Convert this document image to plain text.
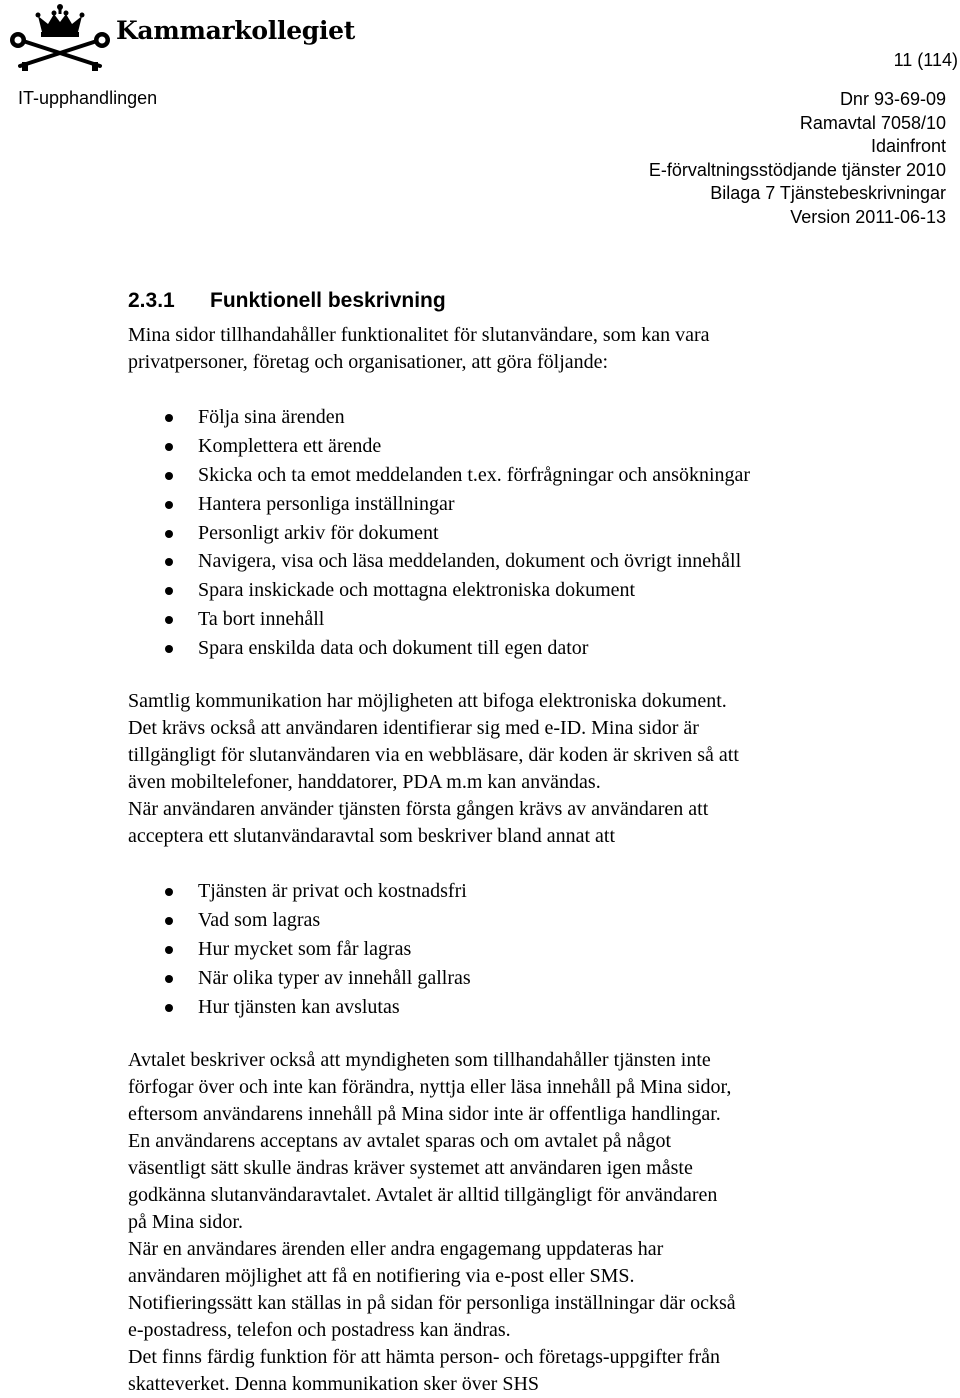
Kammarkollegiet
11 (114)
IT-upphandlingen	Dnr 93-69-09
Ramavtal 7058/10
Idainfront
E-förvaltningsstödjande tjänster 2010
Bilaga 7 Tjänstebeskrivningar
Version 2011-06-13
2.3.1 Funktionell beskrivning

Mina sidor tillhandahåller funktionalitet för slutanvändare, som kan vara

privatpersoner, företag och organisationer, att göra följande:

Följa sina ärenden
Komplettera ett ärende
Skicka och ta emot meddelanden t.ex. förfrågningar och ansökningar
Hantera personliga inställningar
Personligt arkiv för dokument
Navigera, visa och läsa meddelanden, dokument och övrigt innehåll
Spara inskickade och mottagna elektroniska dokument
Ta bort innehåll
Spara enskilda data och dokument till egen dator

Samtlig kommunikation har möjligheten att bifoga elektroniska dokument.

Det krävs också att användaren identifierar sig med e-ID. Mina sidor är

tillgängligt för slutanvändaren via en webbläsare, där koden är skriven så att

även mobiltelefoner, handdatorer, PDA m.m kan användas.

När användaren använder tjänsten första gången krävs av användaren att

acceptera ett slutanvändaravtal som beskriver bland annat att

Tjänsten är privat och kostnadsfri
Vad som lagras
Hur mycket som får lagras
När olika typer av innehåll gallras
Hur tjänsten kan avslutas

Avtalet beskriver också att myndigheten som tillhandahåller tjänsten inte

förfogar över och inte kan förändra, nyttja eller läsa innehåll på Mina sidor,

eftersom användarens innehåll på Mina sidor inte är offentliga handlingar.

En användarens acceptans av avtalet sparas och om avtalet på något

väsentligt sätt skulle ändras kräver systemet att användaren igen måste

godkänna slutanvändaravtalet. Avtalet är alltid tillgängligt för användaren

på Mina sidor.

När en användares ärenden eller andra engagemang uppdateras har

användaren möjlighet att få en notifiering via e-post eller SMS.

Notifieringssätt kan ställas in på sidan för personliga inställningar där också

e-postadress, telefon och postadress kan ändras.

Det finns färdig funktion för att hämta person- och företags-uppgifter från

skatteverket. Denna kommunikation sker över SHS
